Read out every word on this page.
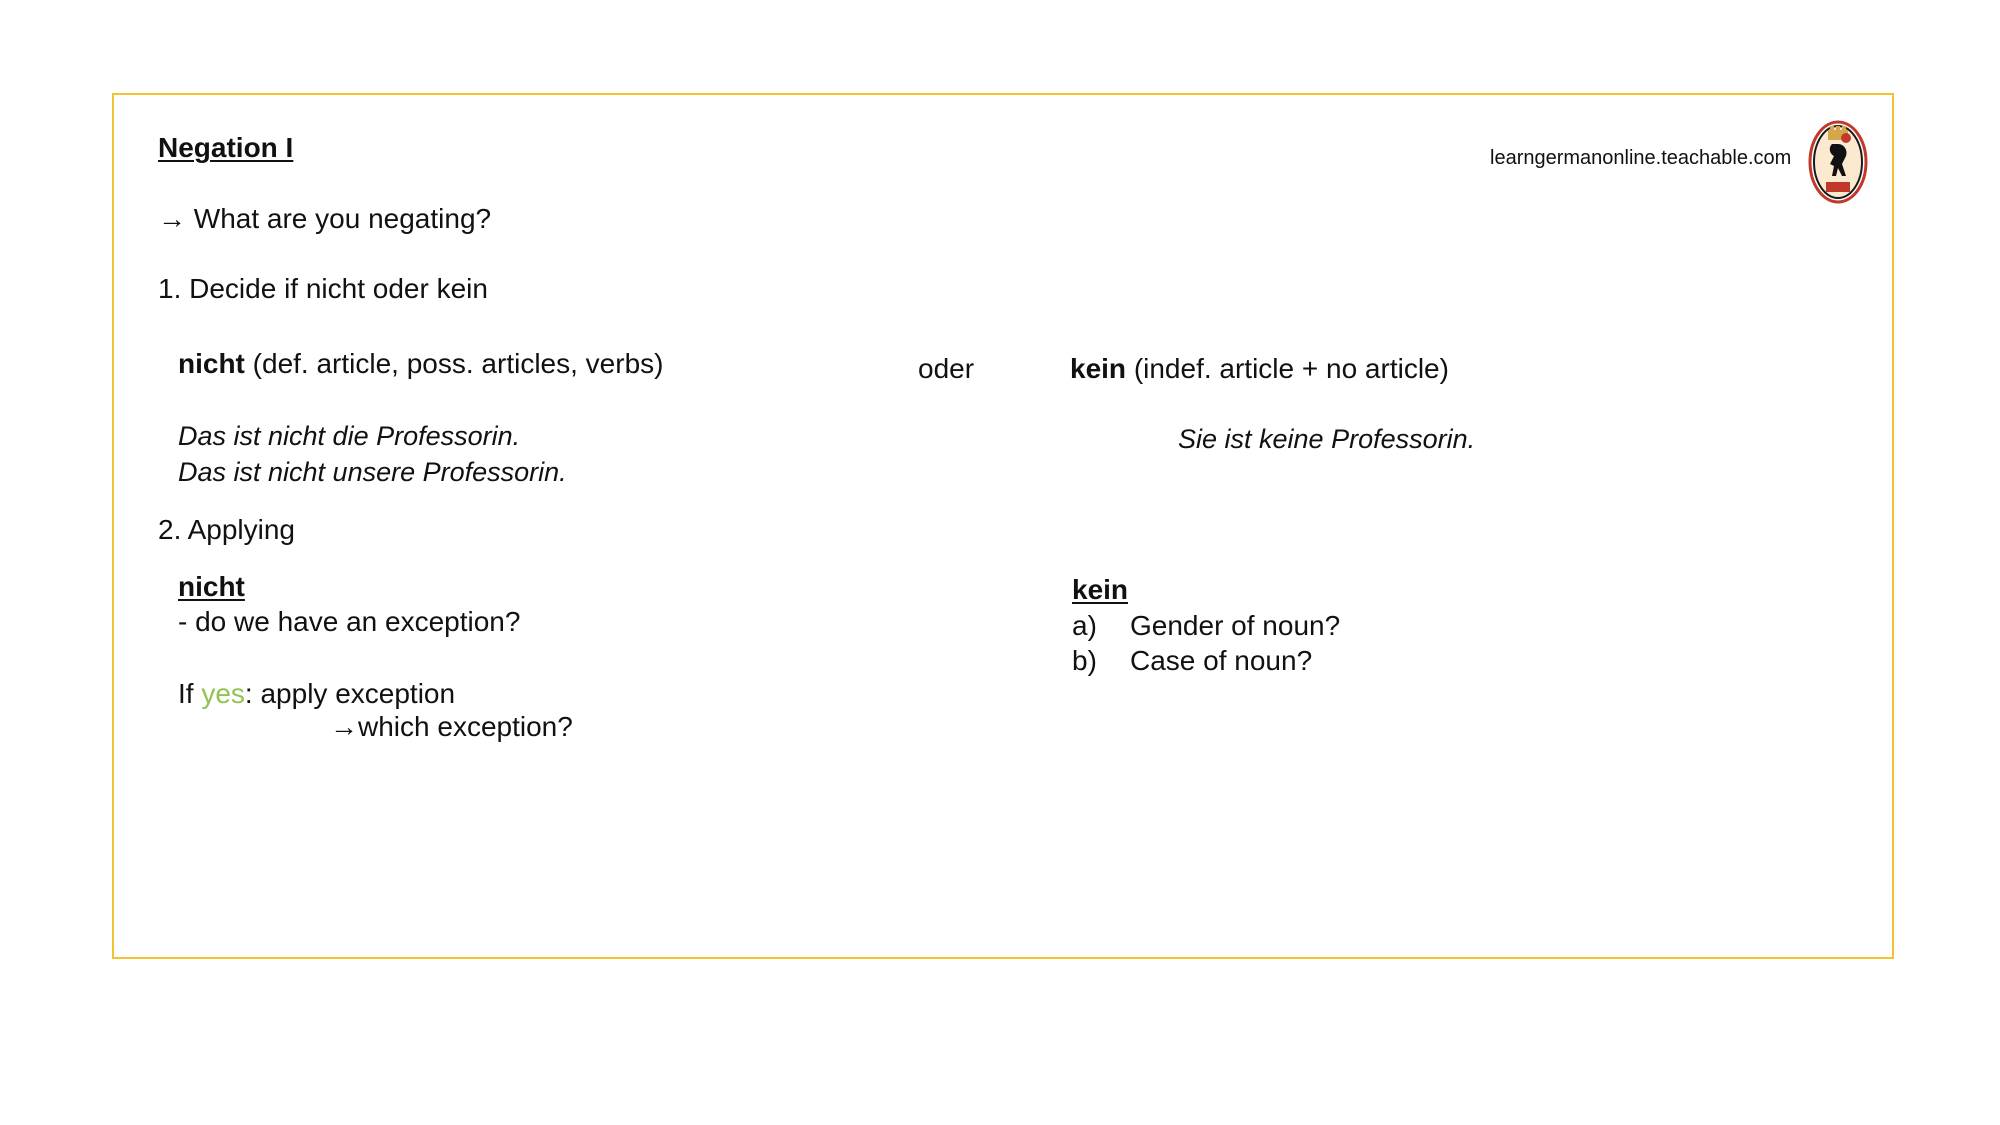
Negation I	learngermanonline.teachable.com
→ What are you negating?
1. Decide if nicht oder kein
nicht (def. article, poss. articles, verbs)	oder	kein (indef. article + no article)
Das ist nicht die Professorin.
Das ist nicht unsere Professorin.
Sie ist keine Professorin.
2. Applying
nicht
- do we have an exception?
If yes: apply exception
→which exception?
kein
a) Gender of noun?
b) Case of noun?
